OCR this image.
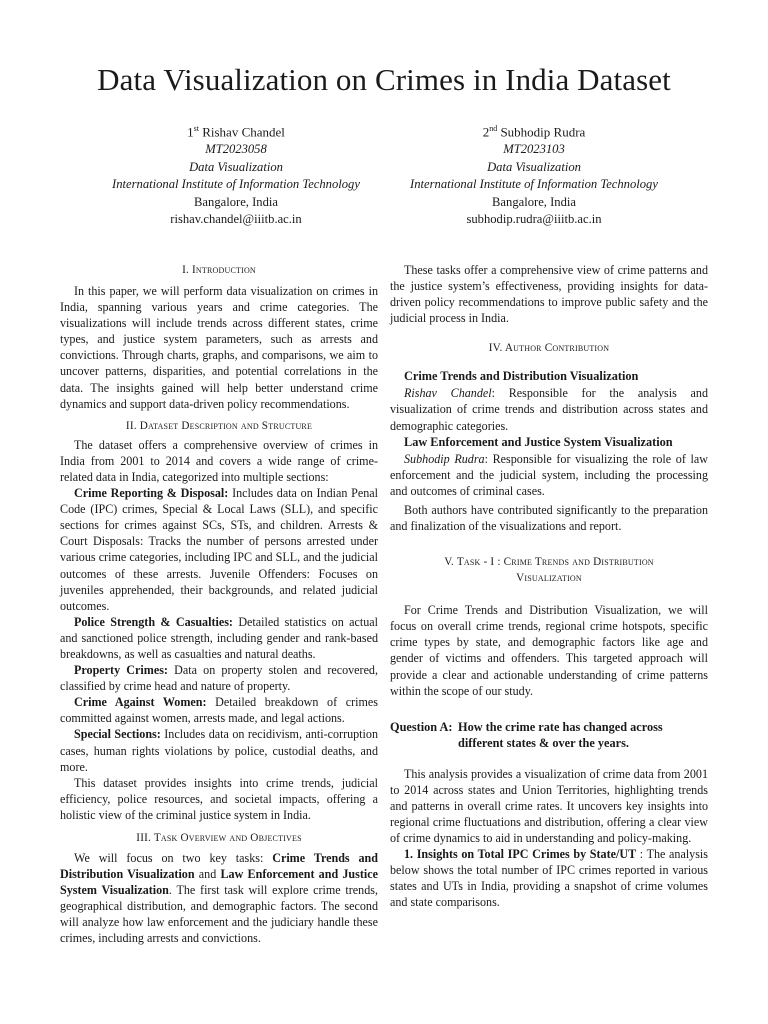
Data Visualization on Crimes in India Dataset
1st Rishav Chandel
MT2023058
Data Visualization
International Institute of Information Technology
Bangalore, India
rishav.chandel@iiitb.ac.in
2nd Subhodip Rudra
MT2023103
Data Visualization
International Institute of Information Technology
Bangalore, India
subhodip.rudra@iiitb.ac.in
I. Introduction

In this paper, we will perform data visualization on crimes in India, spanning various years and crime categories. The visualizations will include trends across different states, crime types, and justice system parameters, such as arrests and convictions. Through charts, graphs, and comparisons, we aim to uncover patterns, disparities, and potential correlations in the data. The insights gained will help better understand crime dynamics and support data-driven policy recommendations.

II. Dataset Description and Structure

The dataset offers a comprehensive overview of crimes in India from 2001 to 2014 and covers a wide range of crime-related data in India, categorized into multiple sections:

Crime Reporting & Disposal: Includes data on Indian Penal Code (IPC) crimes, Special & Local Laws (SLL), and specific sections for crimes against SCs, STs, and children. Arrests & Court Disposals: Tracks the number of persons arrested under various crime categories, including IPC and SLL, and the judicial outcomes of these arrests. Juvenile Offenders: Focuses on juveniles apprehended, their backgrounds, and related judicial outcomes.

Police Strength & Casualties: Detailed statistics on actual and sanctioned police strength, including gender and rank-based breakdowns, as well as casualties and natural deaths.

Property Crimes: Data on property stolen and recovered, classified by crime head and nature of property.

Crime Against Women: Detailed breakdown of crimes committed against women, arrests made, and legal actions.

Special Sections: Includes data on recidivism, anti-corruption cases, human rights violations by police, custodial deaths, and more.

This dataset provides insights into crime trends, judicial efficiency, police resources, and societal impacts, offering a holistic view of the criminal justice system in India.

III. Task Overview and Objectives

We will focus on two key tasks: Crime Trends and Distribution Visualization and Law Enforcement and Justice System Visualization. The first task will explore crime trends, geographical distribution, and demographic factors. The second will analyze how law enforcement and the judiciary handle these crimes, including arrests and convictions.

These tasks offer a comprehensive view of crime patterns and the justice system’s effectiveness, providing insights for data-driven policy recommendations to improve public safety and the judicial process in India.

IV. Author Contribution
Crime Trends and Distribution Visualization

Rishav Chandel: Responsible for the analysis and visualization of crime trends and distribution across states and demographic categories.

Law Enforcement and Justice System Visualization

Subhodip Rudra: Responsible for visualizing the role of law enforcement and the judicial system, including the processing and outcomes of criminal cases.

Both authors have contributed significantly to the preparation and finalization of the visualizations and report.

V. Task - I : Crime Trends and Distribution Visualization

For Crime Trends and Distribution Visualization, we will focus on overall crime trends, regional crime hotspots, specific crime types by state, and demographic factors like age and gender of victims and offenders. This targeted approach will provide a clear and actionable understanding of crime patterns within the scope of our study.

Question A: How the crime rate has changed across different states & over the years.

This analysis provides a visualization of crime data from 2001 to 2014 across states and Union Territories, highlighting trends and patterns in overall crime rates. It uncovers key insights into regional crime fluctuations and distribution, offering a clear view of crime dynamics to aid in understanding and policy-making.

1. Insights on Total IPC Crimes by State/UT : The analysis below shows the total number of IPC crimes reported in various states and UTs in India, providing a snapshot of crime volumes and state comparisons.
